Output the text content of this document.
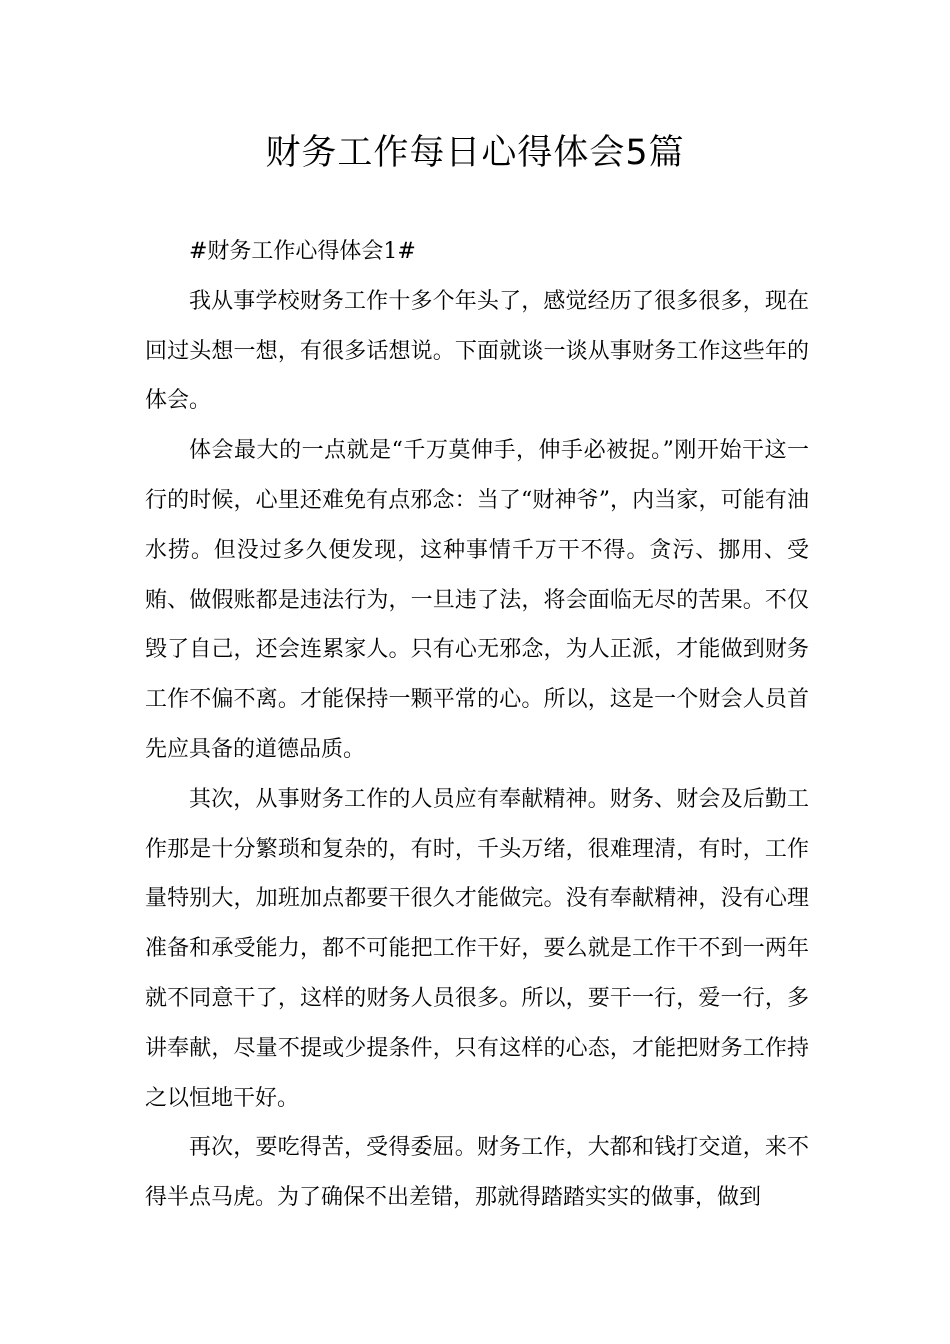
财务工作每日心得体会5篇

#财务工作心得体会1#

我从事学校财务工作十多个年头了，感觉经历了很多很多，现在回过头想一想，有很多话想说。下面就谈一谈从事财务工作这些年的体会。

体会最大的一点就是“千万莫伸手，伸手必被捉。”刚开始干这一行的时候，心里还难免有点邪念：当了“财神爷”，内当家，可能有油水捞。但没过多久便发现，这种事情千万干不得。贪污、挪用、受贿、做假账都是违法行为，一旦违了法，将会面临无尽的苦果。不仅毁了自己，还会连累家人。只有心无邪念，为人正派，才能做到财务工作不偏不离。才能保持一颗平常的心。所以，这是一个财会人员首先应具备的道德品质。

其次，从事财务工作的人员应有奉献精神。财务、财会及后勤工作那是十分繁琐和复杂的，有时，千头万绪，很难理清，有时，工作量特别大，加班加点都要干很久才能做完。没有奉献精神，没有心理准备和承受能力，都不可能把工作干好，要么就是工作干不到一两年就不同意干了，这样的财务人员很多。所以，要干一行，爱一行，多讲奉献，尽量不提或少提条件，只有这样的心态，才能把财务工作持之以恒地干好。

再次，要吃得苦，受得委屈。财务工作，大都和钱打交道，来不得半点马虎。为了确保不出差错，那就得踏踏实实的做事，做到
